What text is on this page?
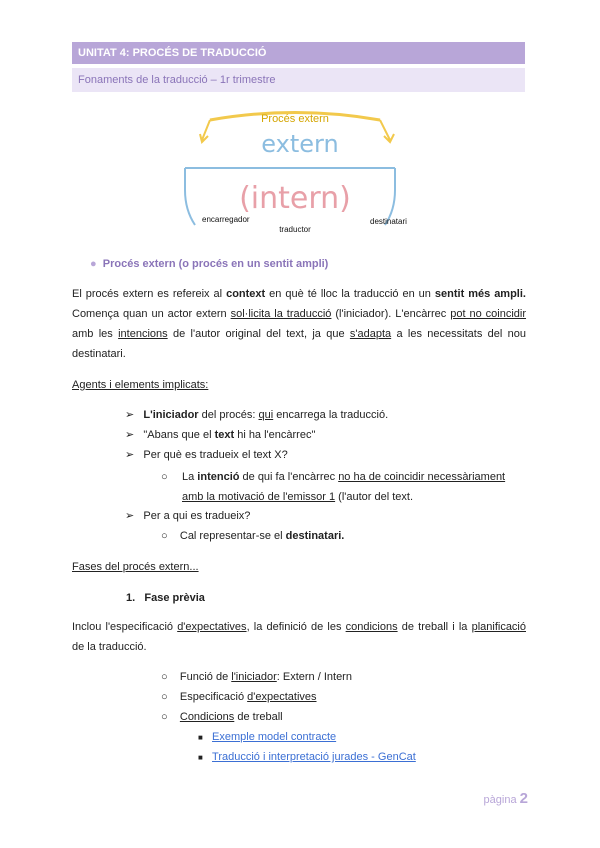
UNITAT 4: PROCÉS DE TRADUCCIÓ
Fonaments de la traducció – 1r trimestre
Procés extern
extern
(intern)
encarregador
traductor
destinatari
● Procés extern (o procés en un sentit ampli)
El procés extern es refereix al context en què té lloc la traducció en un sentit més ampli. Comença quan un actor extern sol·licita la traducció (l'iniciador). L'encàrrec pot no coincidir amb les intencions de l'autor original del text, ja que s'adapta a les necessitats del nou destinatari.
Agents i elements implicats:
➢   L'iniciador del procés: qui encarrega la traducció.
➢   "Abans que el text hi ha l'encàrrec"
➢   Per què es tradueix el text X?
○ La intenció de qui fa l'encàrrec no ha de coincidir necessàriament amb la motivació de l'emissor 1 (l'autor del text.
➢   Per a qui es tradueix?
○    Cal representar-se el destinatari.
Fases del procés extern...
1. Fase prèvia
Inclou l'especificació d'expectatives, la definició de les condicions de treball i la planificació de la traducció.
○    Funció de l'iniciador: Extern / Intern
○    Especificació d'expectatives
○    Condicions de treball
■ Exemple model contracte
■ Traducció i interpretació jurades - GenCat
pàgina 2
